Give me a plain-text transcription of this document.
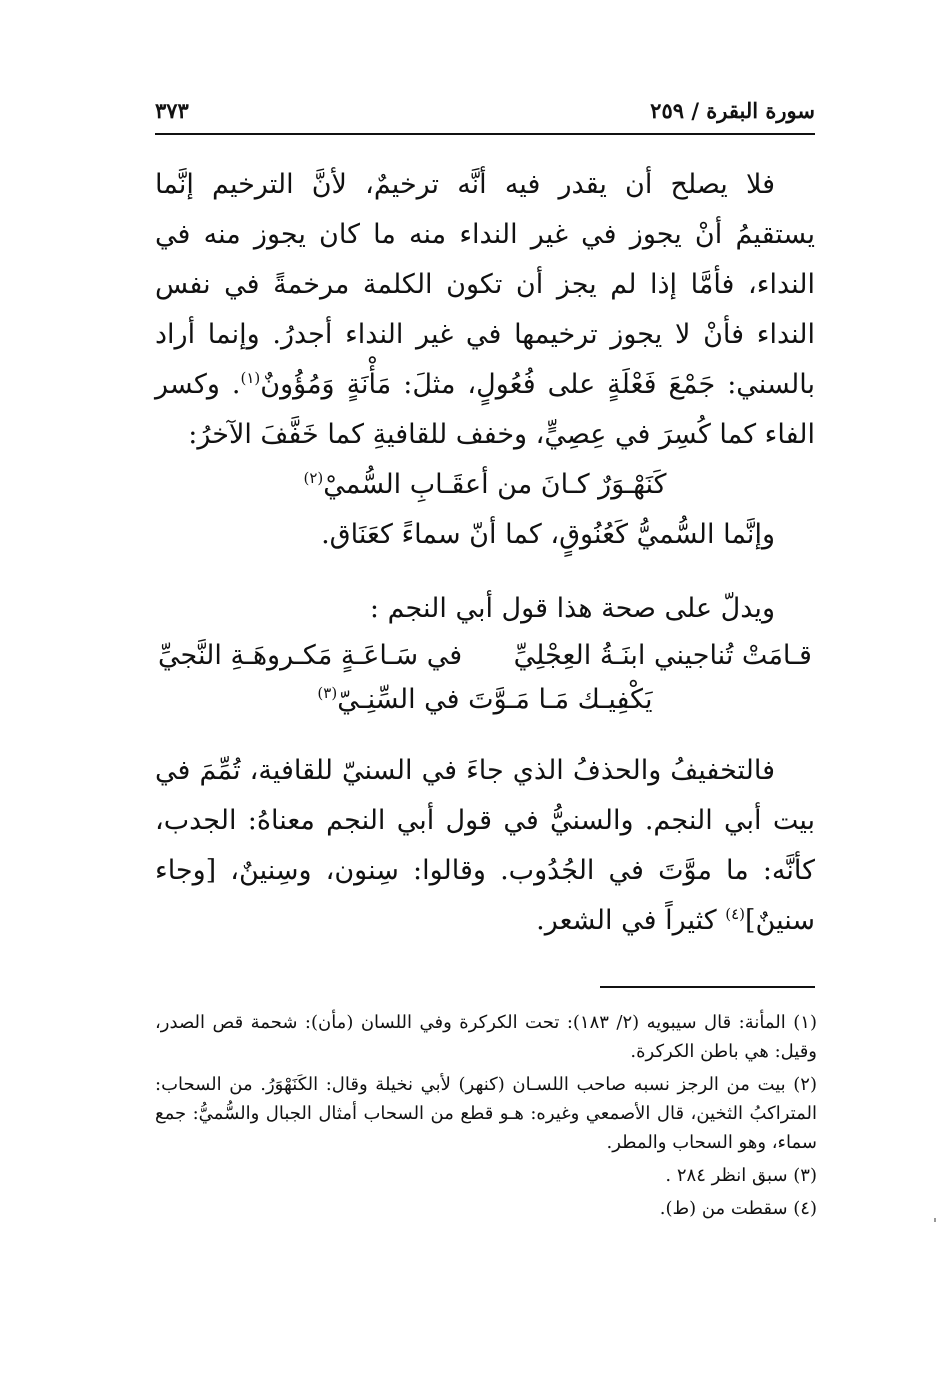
سورة البقرة / ٢٥٩
٣٧٣

فلا يصلح أن يقدر فيه أنَّه ترخيمٌ، لأنَّ الترخيم إنَّما يستقيمُ أنْ يجوز في غير النداء منه ما كان يجوز منه في النداء، فأمَّا إذا لم يجز أن تكون الكلمة مرخمةً في نفس النداء فأنْ لا يجوز ترخيمها في غير النداء أجدرُ. وإنما أراد بالسني: جَمْعَ فَعْلَةٍ على فُعُولٍ، مثلَ: مَأْنَةٍ وَمُؤُونٌ$^{(١)}$. وكسر الفاء كما كُسِرَ في عِصِيٍّ، وخفف للقافيةِ كما خَفَّفَ الآخرُ:

كَنَهْـوَرٌ كـانَ من أعقَـابِ السُّميْ$^{(٢)}$

وإنَّما السُّميُّ كَعُنُوقٍ، كما أنّ سماءً كعَنَاق.

ويدلّ على صحة هذا قول أبي النجم :

قـامَتْ تُناجيني ابنَـةُ العِجْلِيِّ      في سَـاعَـةٍ مَكـروهَـةِ النَّجيِّ
يَكْفِيـك مَـا مَـوَّتَ في السِّنِـيّ$^{(٣)}$

فالتخفيفُ والحذفُ الذي جاءَ في السنيّ للقافية، تُمِّمَ في بيت أبي النجم. والسنيُّ في قول أبي النجم معناهُ: الجدب، كأنَّه: ما موَّتَ في الجُدُوب. وقالوا: سِنون، وسِنينٌ، [وجاء سنينٌ]$^{(٤)}$ كثيراً في الشعر.

(١) المأنة: قال سيبويه (٢/ ١٨٣): تحت الكركرة وفي اللسان (مأن): شحمة قص الصدر، وقيل: هي باطن الكركرة.

(٢) بيت من الرجز نسبه صاحب اللسـان (كنهر) لأبي نخيلة وقال: الكَنَهْوَرُ. من السحاب: المتراكبُ الثخين، قال الأصمعي وغيره: هـو قطع من السحاب أمثال الجبال والسُّميُّ: جمع سماء، وهو السحاب والمطر.

(٣) سبق انظر ٢٨٤ .

(٤) سقطت من (ط).
